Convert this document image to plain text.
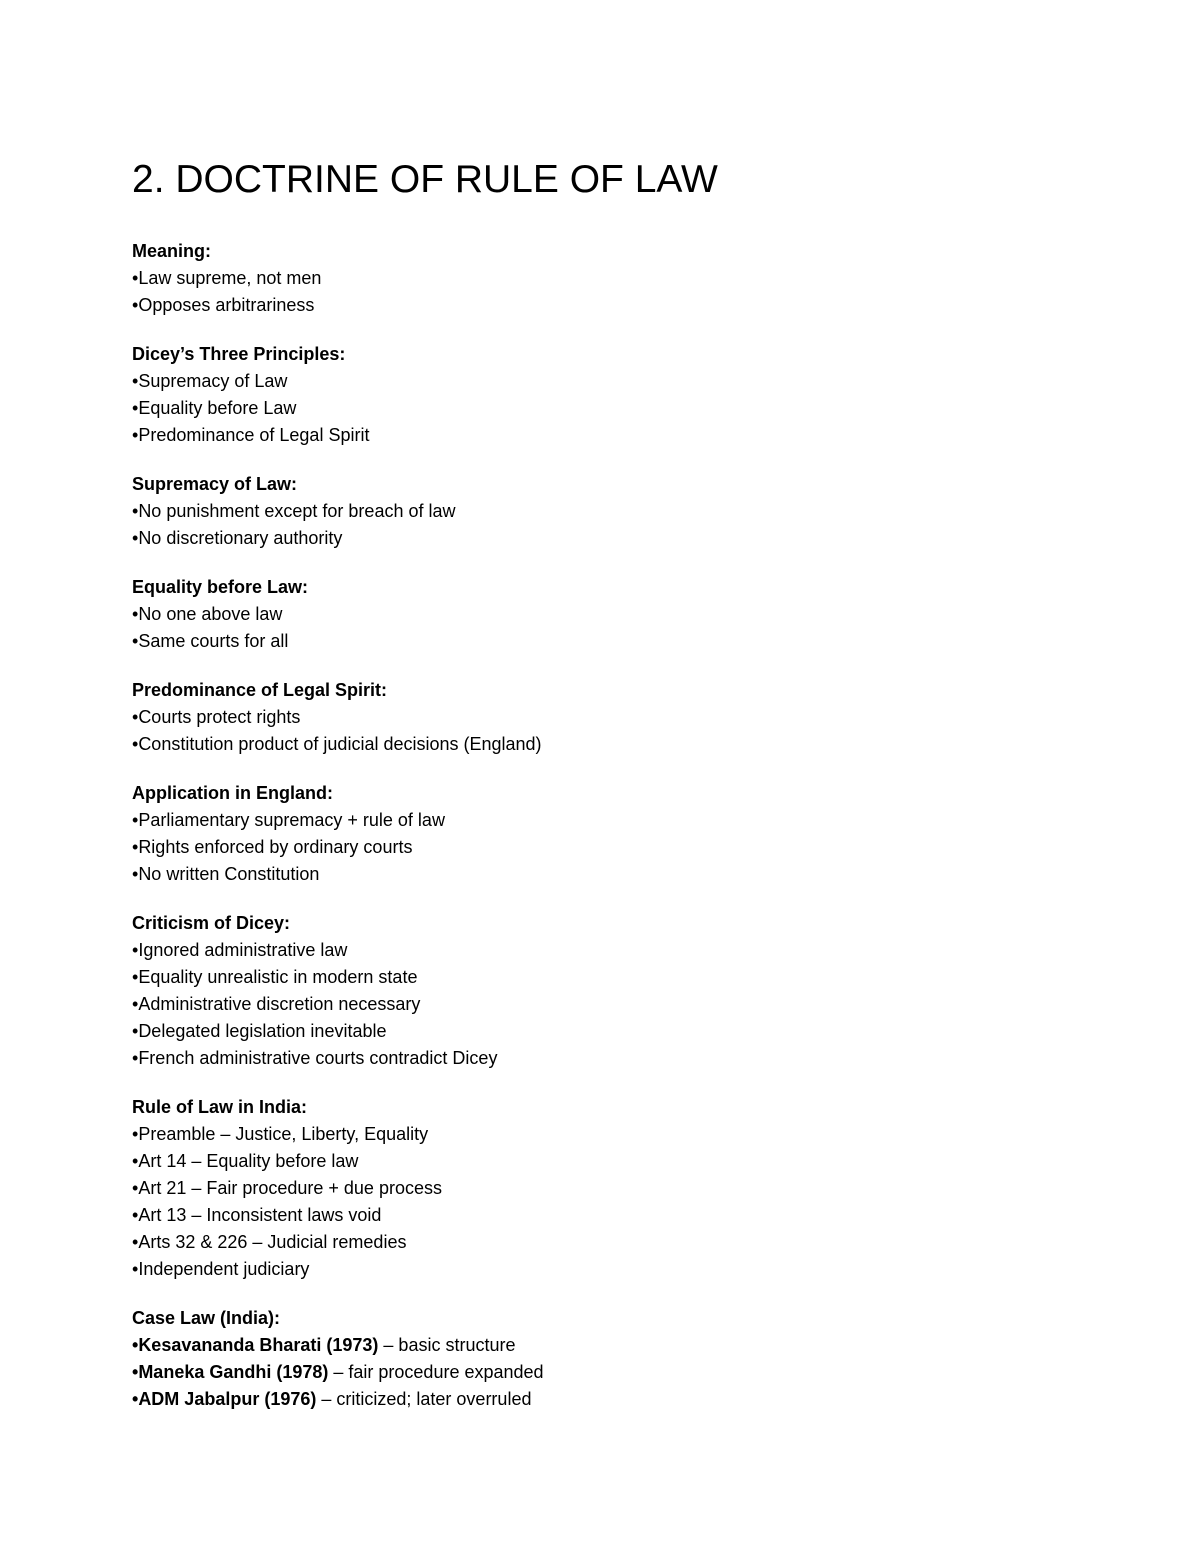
2. DOCTRINE OF RULE OF LAW

Meaning:

• Law supreme, not men
• Opposes arbitrariness

Dicey’s Three Principles:

• Supremacy of Law
• Equality before Law
• Predominance of Legal Spirit

Supremacy of Law:

• No punishment except for breach of law
• No discretionary authority

Equality before Law:

• No one above law
• Same courts for all

Predominance of Legal Spirit:

• Courts protect rights
• Constitution product of judicial decisions (England)

Application in England:

• Parliamentary supremacy + rule of law
• Rights enforced by ordinary courts
• No written Constitution

Criticism of Dicey:

• Ignored administrative law
• Equality unrealistic in modern state
• Administrative discretion necessary
• Delegated legislation inevitable
• French administrative courts contradict Dicey

Rule of Law in India:

• Preamble – Justice, Liberty, Equality
• Art 14 – Equality before law
• Art 21 – Fair procedure + due process
• Art 13 – Inconsistent laws void
• Arts 32 & 226 – Judicial remedies
• Independent judiciary

Case Law (India):

• Kesavananda Bharati (1973) – basic structure
• Maneka Gandhi (1978) – fair procedure expanded
• ADM Jabalpur (1976) – criticized; later overruled
